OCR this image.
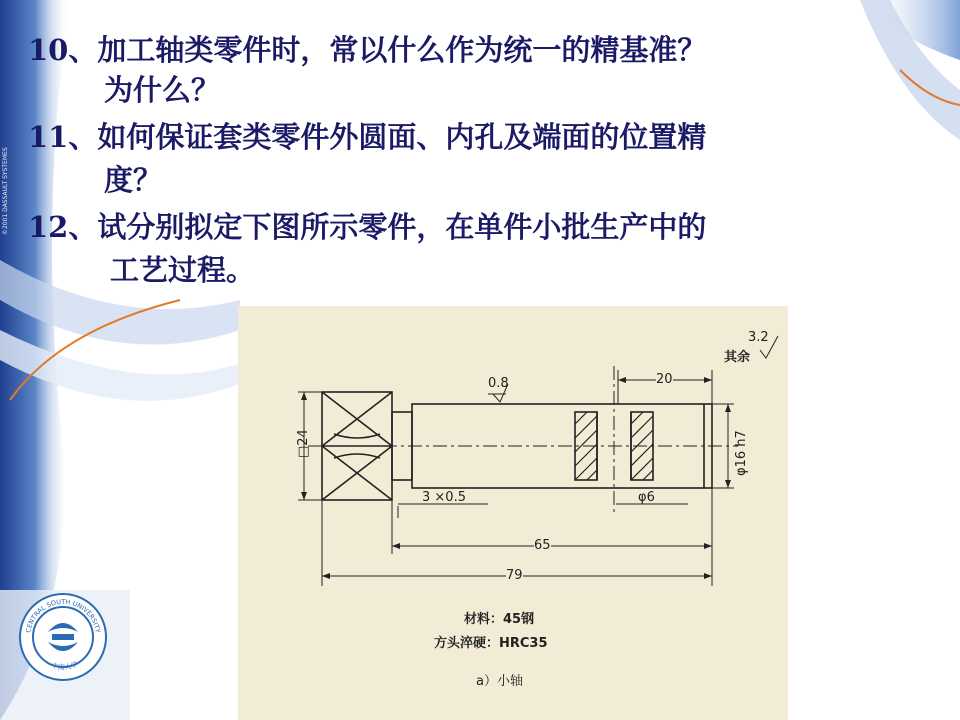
©2001 DASSAULT SYSTEMES
10、加工轴类零件时，常以什么作为统一的精基准？
为什么？
11、如何保证套类零件外圆面、内孔及端面的位置精
度？
12、试分别拟定下图所示零件，在单件小批生产中的
工艺过程。
3.2
其余
0.8	20
3 ×0.5	φ6
65
79
□24	φ16 h7
材料：45钢
方头淬硬：HRC35
a）小轴
CENTRAL SOUTH UNIVERSITY
中南大学
